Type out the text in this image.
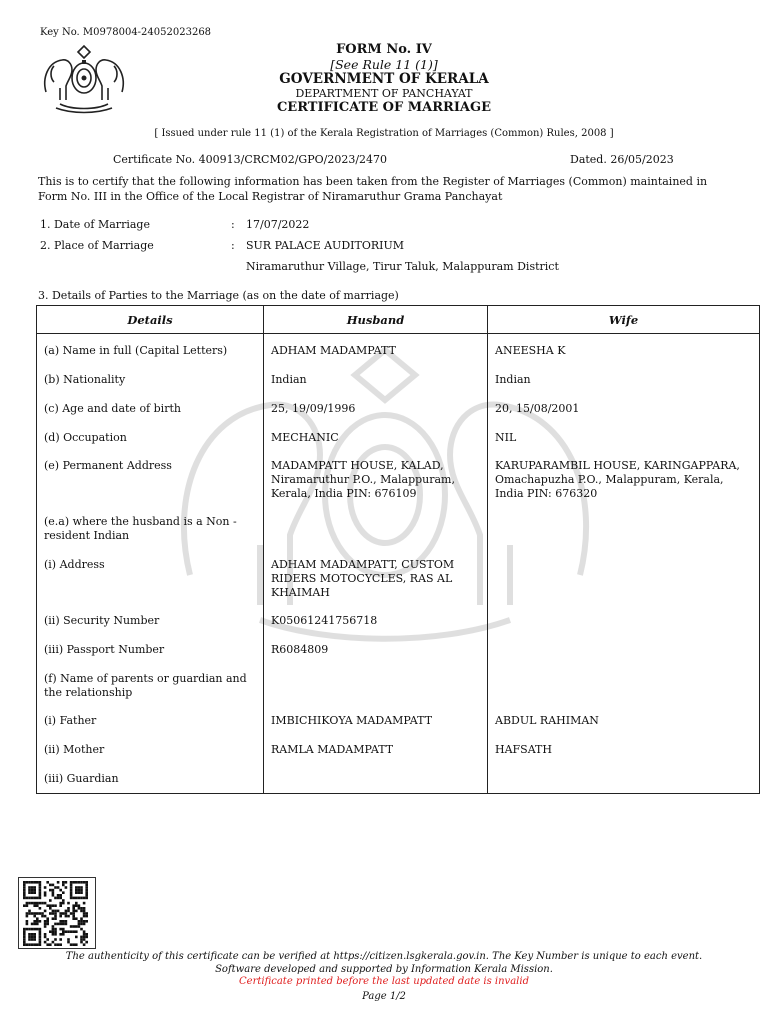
Key No. M0978004-24052023268
FORM No. IV
[See Rule 11 (1)]
GOVERNMENT OF KERALA
DEPARTMENT OF PANCHAYAT
CERTIFICATE OF MARRIAGE
[ Issued under rule 11 (1) of the Kerala Registration of Marriages (Common) Rules, 2008 ]
Certificate No. 400913/CRCM02/GPO/2023/2470	Dated. 26/05/2023
This is to certify that the following information has been taken from the Register of Marriages (Common) maintained in Form No. III in the Office of the Local Registrar of Niramaruthur Grama Panchayat
1. Date of Marriage	: 17/07/2022
2. Place of Marriage	: SUR PALACE AUDITORIUM
Niramaruthur Village, Tirur Taluk, Malappuram District
3. Details of Parties to the Marriage (as on the date of marriage)
Details	Husband	Wife

(a) Name in full (Capital Letters)	ADHAM MADAMPATT	ANEESHA K

(b) Nationality	Indian	Indian

(c) Age and date of birth	25, 19/09/1996	20, 15/08/2001

(d) Occupation	MECHANIC	NIL

(e) Permanent Address	MADAMPATT HOUSE, KALAD, Niramaruthur P.O., Malappuram, Kerala, India PIN: 676109	KARUPARAMBIL HOUSE, KARINGAPPARA, Omachapuzha P.O., Malappuram, Kerala, India PIN: 676320

(e.a) where the husband is a Non - resident Indian		

(i) Address	ADHAM MADAMPATT, CUSTOM RIDERS MOTOCYCLES, RAS AL KHAIMAH	

(ii) Security Number	K05061241756718	

(iii) Passport Number	R6084809	

(f) Name of parents or guardian and the relationship		

(i) Father	IMBICHIKOYA MADAMPATT	ABDUL RAHIMAN

(ii) Mother	RAMLA MADAMPATT	HAFSATH

(iii) Guardian		

The authenticity of this certificate can be verified at https://citizen.lsgkerala.gov.in. The Key Number is unique to each event.
Software developed and supported by Information Kerala Mission.
Certificate printed before the last updated date is invalid
Page 1/2
